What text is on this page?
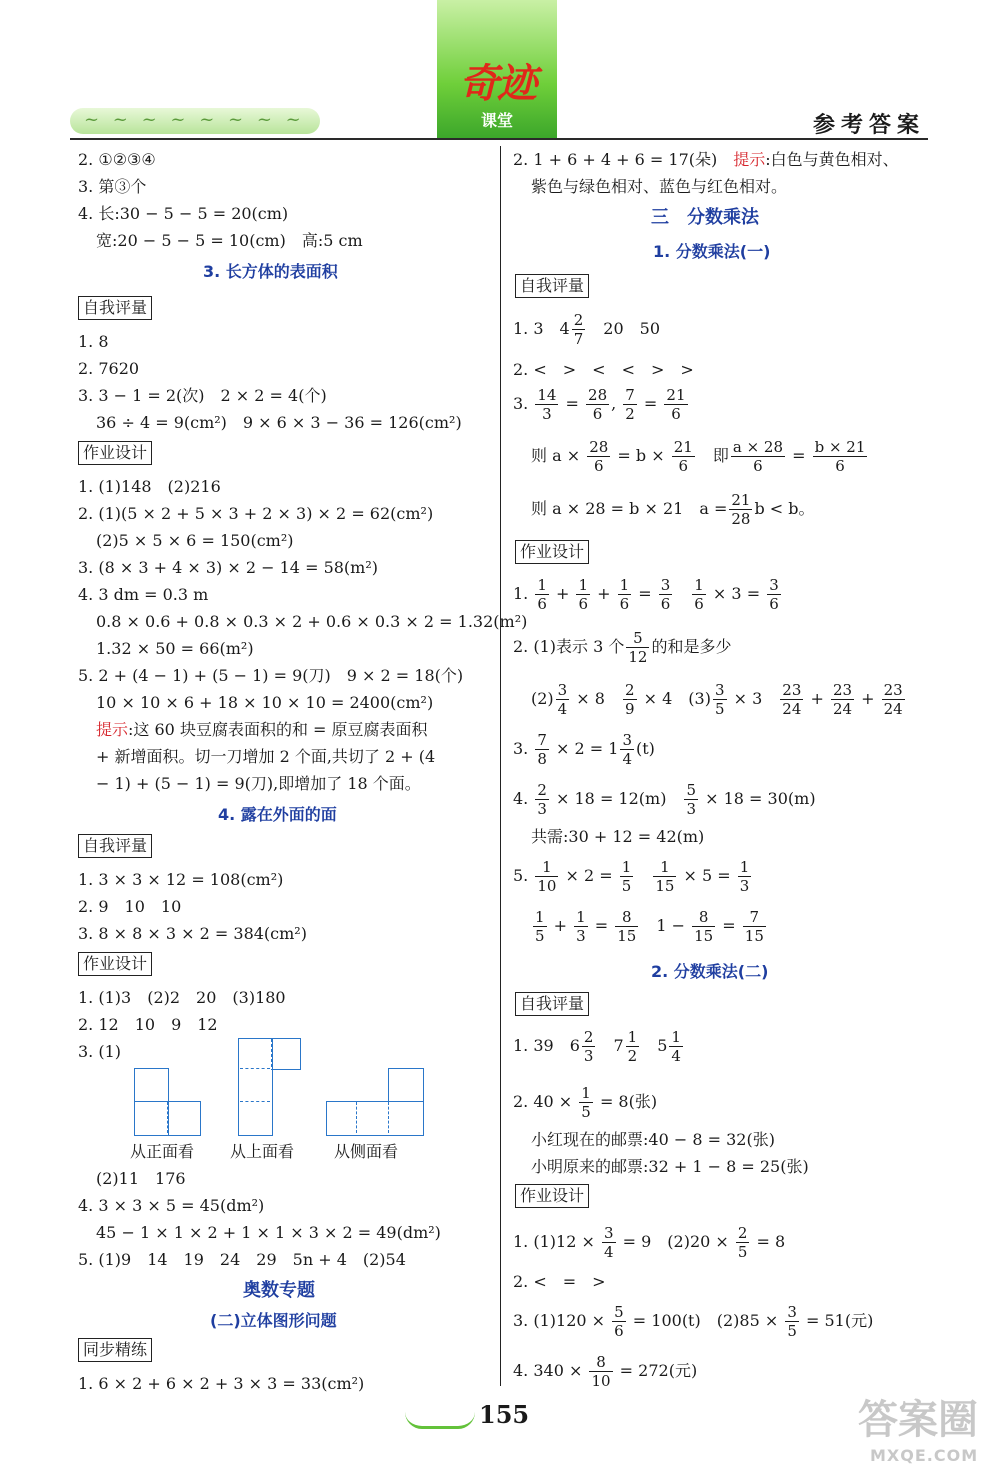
~ ~ ~
奇迹
课堂	参考答案
2. ①②③④
3. 第③个
4. 长:30 − 5 − 5 = 20(cm)
宽:20 − 5 − 5 = 10(cm)　高:5 cm
3. 长方体的表面积
自我评量
1. 8
2. 7620
3. 3 − 1 = 2(次)　2 × 2 = 4(个)
36 ÷ 4 = 9(cm²)　9 × 6 × 3 − 36 = 126(cm²)
作业设计
1. (1)148　(2)216
2. (1)(5 × 2 + 5 × 3 + 2 × 3) × 2 = 62(cm²)
(2)5 × 5 × 6 = 150(cm²)
3. (8 × 3 + 4 × 3) × 2 − 14 = 58(m²)
4. 3 dm = 0.3 m
0.8 × 0.6 + 0.8 × 0.3 × 2 + 0.6 × 0.3 × 2 = 1.32(m²)
1.32 × 50 = 66(m²)
5. 2 + (4 − 1) + (5 − 1) = 9(刀)　9 × 2 = 18(个)
10 × 10 × 6 + 18 × 10 × 10 = 2400(cm²)
提示:这 60 块豆腐表面积的和 = 原豆腐表面积
+ 新增面积。切一刀增加 2 个面,共切了 2 + (4
− 1) + (5 − 1) = 9(刀),即增加了 18 个面。
4. 露在外面的面
自我评量
1. 3 × 3 × 12 = 108(cm²)
2. 9　10　10
3. 8 × 8 × 3 × 2 = 384(cm²)
作业设计
1. (1)3　(2)2　20　(3)180
2. 12　10　9　12
3. (1)
从正面看 从上面看 从侧面看
(2)11　176
4. 3 × 3 × 5 = 45(dm²)
45 − 1 × 1 × 2 + 1 × 1 × 3 × 2 = 49(dm²)
5. (1)9　14　19　24　29　5n + 4　(2)54
奥数专题
(二)立体图形问题
同步精练
1. 6 × 2 + 6 × 2 + 3 × 3 = 33(cm²)
2. 1 + 6 + 4 + 6 = 17(朵)　 提示:白色与黄色相对、
紫色与绿色相对、蓝色与红色相对。
三　分数乘法
1. 分数乘法(一)
自我评量
1. 3　$4 \frac{2}{7}$
　 20　50
2. <　>　<　<　>　>
3. $\frac{14}{3} = \frac{28}{6}$ , $\frac{7}{2} = \frac{21}{6}$
则 $a \times \frac{28}{6} = b \times \frac{21}{6}$
　 即 $\frac{a \times 28}{6} = \frac{b \times 21}{6}$
则 a × 28 = b × 21　$a = \frac{21}{28}$ b < b。
作业设计
1. $\frac{1}{6} + \frac{1}{6} + \frac{1}{6} = \frac{3}{6}$
　 $\frac{1}{6} \times 3 = \frac{3}{6}$
2. (1)表示 3 个 $\frac{5}{12}$ 的和是多少
$(2) \frac{3}{4} \times 8$　 $\frac{2}{9} \times 4$　$(3) \frac{3}{5} \times 3$　 $\frac{23}{24} + \frac{23}{24} + \frac{23}{24}$
3. $\frac{7}{8} \times 2 = 1 \frac{3}{4} (t)$
4. $\frac{2}{3} \times 18 = 12(m)$　 $\frac{5}{3} \times 18 = 30(m)$
共需:30 + 12 = 42(m)
5. $\frac{1}{10} \times 2 = \frac{1}{5}$
　 $\frac{1}{15} \times 5 = \frac{1}{3}$
$\frac{1}{5} + \frac{1}{3} = \frac{8}{15}$ 　$1 - \frac{8}{15} = \frac{7}{15}$
2. 分数乘法(二)
自我评量
1. 39　$6 \frac{2}{3}$ 　$7 \frac{1}{2}$ 　$5 \frac{1}{4}$
2. $40 \times \frac{1}{5} = 8$(张)
小红现在的邮票:40 − 8 = 32(张)
小明原来的邮票:32 + 1 − 8 = 25(张)
作业设计
1. $(1)12 \times \frac{3}{4} = 9$　$(2)20 \times \frac{2}{5} = 8$
2. <　=　>
3. $(1)120 \times \frac{5}{6} = 100(t)$　$(2)85 \times \frac{3}{5} = 51$(元)
4. $340 \times \frac{8}{10} = 272$(元)
155	答案圈
MXQE.COM
